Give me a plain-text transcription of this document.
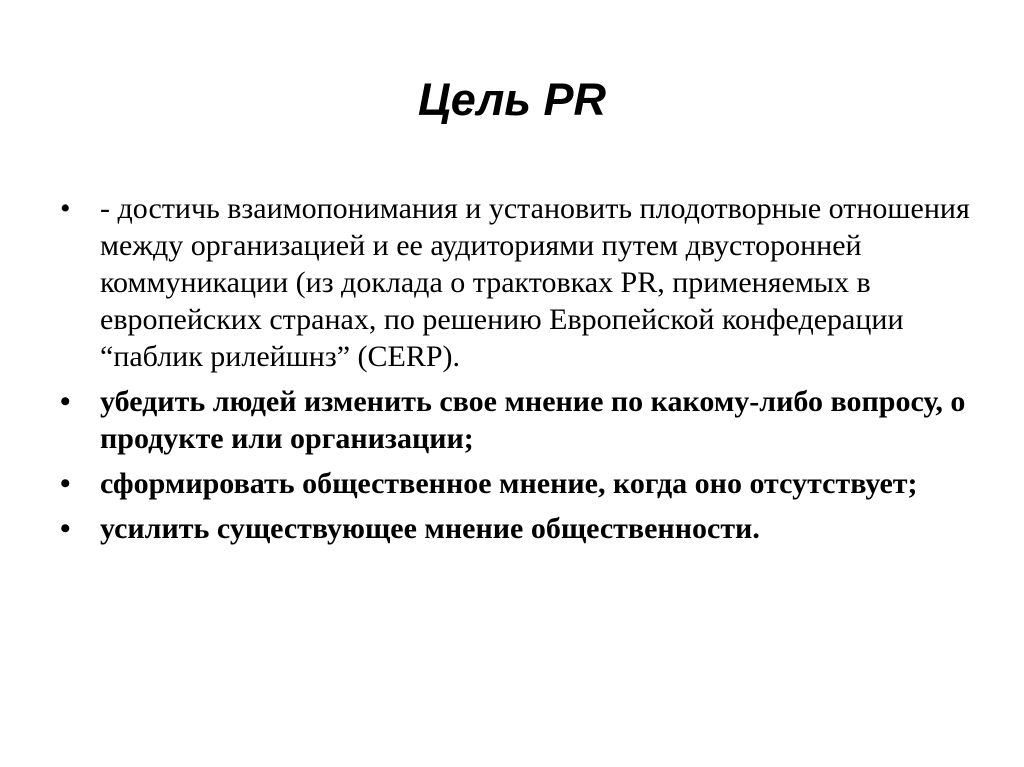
Цель PR
• - достичь взаимопонимания и установить плодотворные отношения между организацией и ее аудиториями путем двусторонней коммуникации (из доклада о трактовках PR, применяемых в европейских странах, по решению Европейской конфедерации “паблик рилейшнз” (CERP).
• убедить людей изменить свое мнение по какому-либо вопросу, о продукте или организации;
• сформировать общественное мнение, когда оно отсутствует;
• усилить существующее мнение общественности.
